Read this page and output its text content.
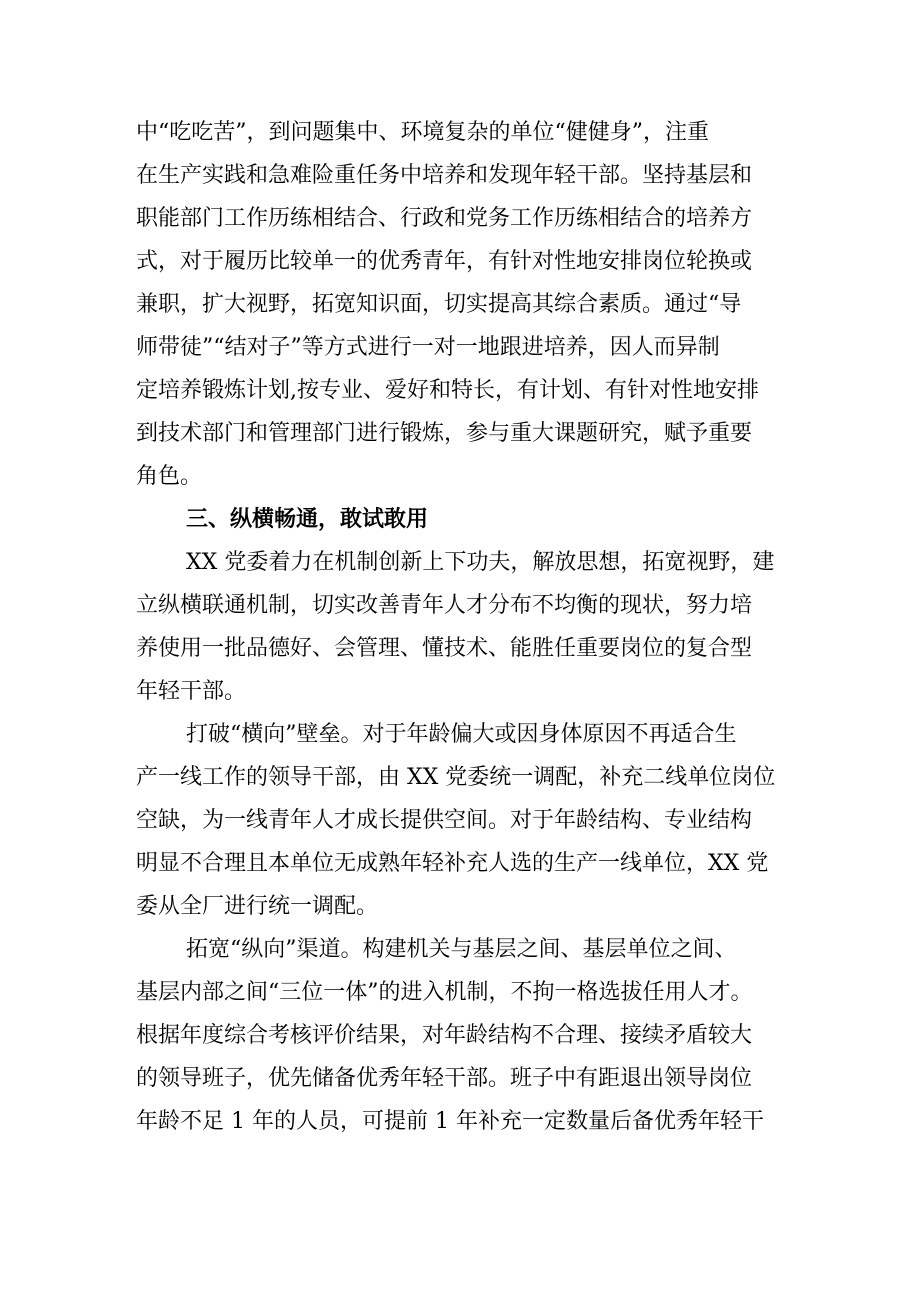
中“吃吃苦”，到问题集中、环境复杂的单位“健健身”，注重
在生产实践和急难险重任务中培养和发现年轻干部。坚持基层和
职能部门工作历练相结合、行政和党务工作历练相结合的培养方
式，对于履历比较单一的优秀青年，有针对性地安排岗位轮换或
兼职，扩大视野，拓宽知识面，切实提高其综合素质。通过“导
师带徒”“结对子”等方式进行一对一地跟进培养，因人而异制
定培养锻炼计划,按专业、爱好和特长，有计划、有针对性地安排
到技术部门和管理部门进行锻炼，参与重大课题研究，赋予重要
角色。
三、纵横畅通，敢试敢用
XX 党委着力在机制创新上下功夫，解放思想，拓宽视野，建
立纵横联通机制，切实改善青年人才分布不均衡的现状，努力培
养使用一批品德好、会管理、懂技术、能胜任重要岗位的复合型
年轻干部。
打破“横向”壁垒。对于年龄偏大或因身体原因不再适合生
产一线工作的领导干部，由 XX 党委统一调配，补充二线单位岗位
空缺，为一线青年人才成长提供空间。对于年龄结构、专业结构
明显不合理且本单位无成熟年轻补充人选的生产一线单位，XX 党
委从全厂进行统一调配。
拓宽“纵向”渠道。构建机关与基层之间、基层单位之间、
基层内部之间“三位一体”的进入机制，不拘一格选拔任用人才。
根据年度综合考核评价结果，对年龄结构不合理、接续矛盾较大
的领导班子，优先储备优秀年轻干部。班子中有距退出领导岗位
年龄不足 1 年的人员，可提前 1 年补充一定数量后备优秀年轻干
